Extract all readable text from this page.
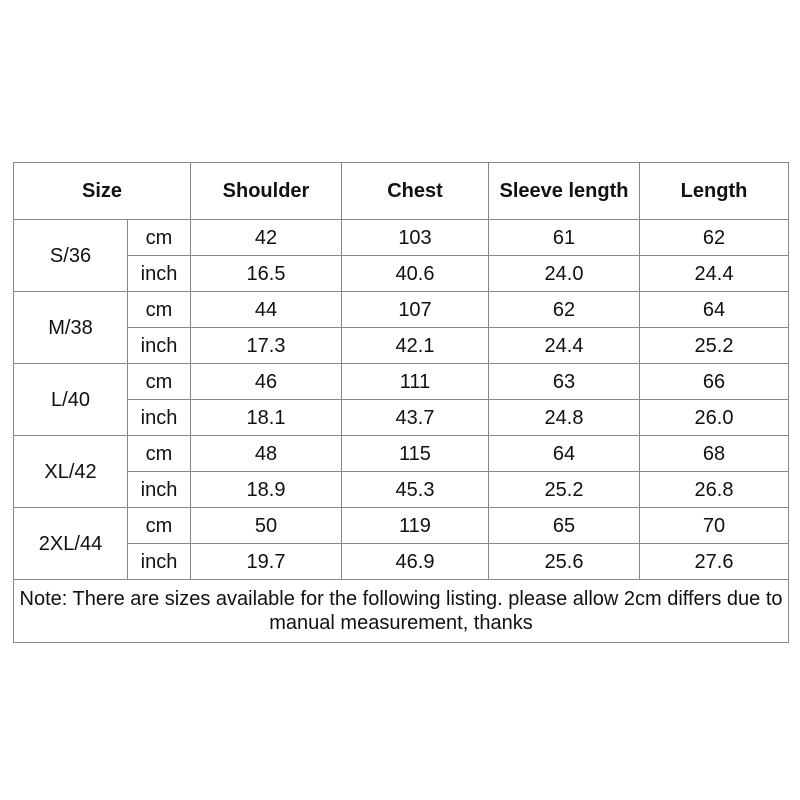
Size		Shoulder	Chest	Sleeve length	Length
S/36	cm	42	103	61	62
	inch	16.5	40.6	24.0	24.4
M/38	cm	44	107	62	64
	inch	17.3	42.1	24.4	25.2
L/40	cm	46	111	63	66
	inch	18.1	43.7	24.8	26.0
XL/42	cm	48	115	64	68
	inch	18.9	45.3	25.2	26.8
2XL/44	cm	50	119	65	70
	inch	19.7	46.9	25.6	27.6
Note: There are sizes available for the following listing. please allow 2cm differs due to manual measurement, thanks					
